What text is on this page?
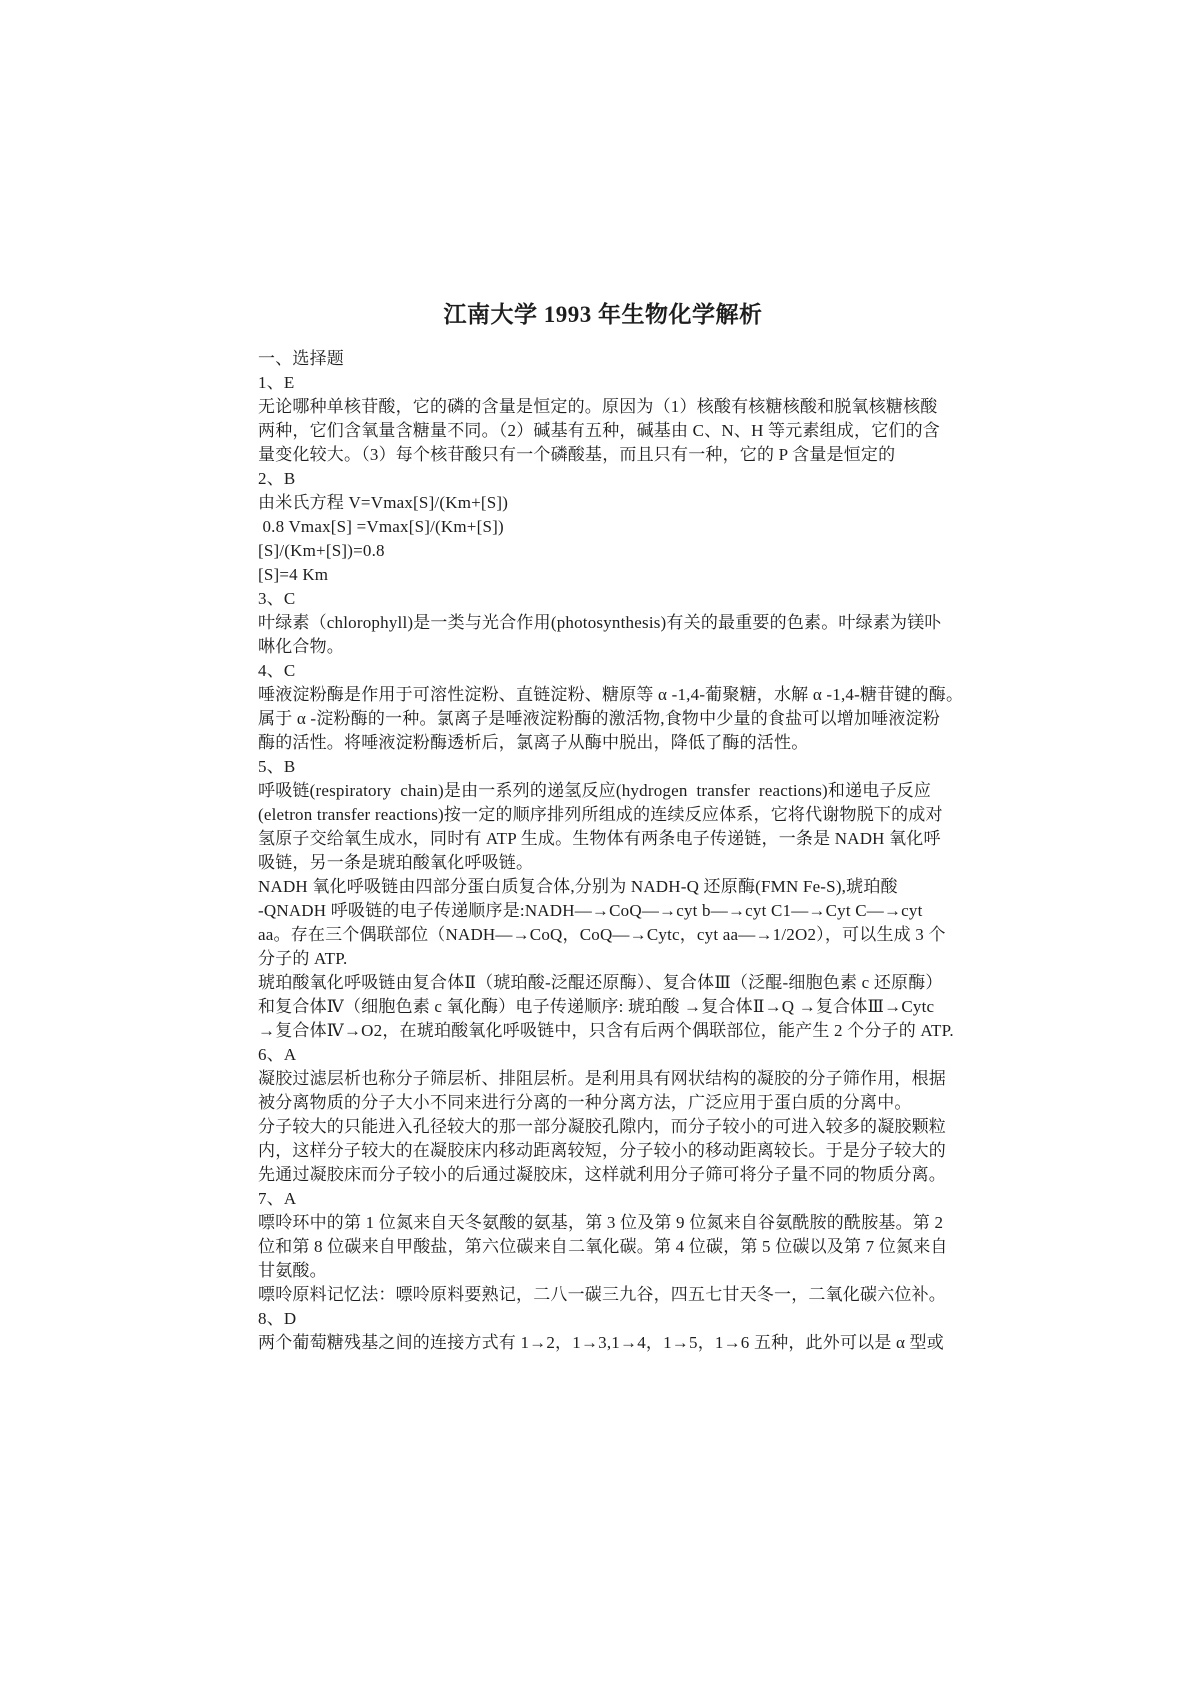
江南大学 1993 年生物化学解析
一、选择题
1、E
无论哪种单核苷酸，它的磷的含量是恒定的。原因为（1）核酸有核糖核酸和脱氧核糖核酸
两种，它们含氧量含糖量不同。（2）碱基有五种，碱基由 C、N、H 等元素组成，它们的含
量变化较大。（3）每个核苷酸只有一个磷酸基，而且只有一种，它的 P 含量是恒定的
2、B
由米氏方程 V=Vmax[S]/(Km+[S])
0.8 Vmax[S] =Vmax[S]/(Km+[S])
[S]/(Km+[S])=0.8
[S]=4 Km
3、C
叶绿素（chlorophyll)是一类与光合作用(photosynthesis)有关的最重要的色素。叶绿素为镁卟
啉化合物。
4、C
唾液淀粉酶是作用于可溶性淀粉、直链淀粉、糖原等 α -1,4-葡聚糖，水解 α -1,4-糖苷键的酶。
属于 α -淀粉酶的一种。氯离子是唾液淀粉酶的激活物,食物中少量的食盐可以增加唾液淀粉
酶的活性。将唾液淀粉酶透析后，氯离子从酶中脱出，降低了酶的活性。
5、B
呼吸链(respiratory  chain)是由一系列的递氢反应(hydrogen  transfer  reactions)和递电子反应
(eletron transfer reactions)按一定的顺序排列所组成的连续反应体系，它将代谢物脱下的成对
氢原子交给氧生成水，同时有 ATP 生成。生物体有两条电子传递链，一条是 NADH 氧化呼
吸链，另一条是琥珀酸氧化呼吸链。
NADH 氧化呼吸链由四部分蛋白质复合体,分别为 NADH-Q 还原酶(FMN Fe-S),琥珀酸
-QNADH 呼吸链的电子传递顺序是:NADH—→CoQ—→cyt b—→cyt C1—→Cyt C—→cyt
aa。存在三个偶联部位（NADH—→CoQ，CoQ—→Cytc，cyt aa—→1/2O2），可以生成 3 个
分子的 ATP.
琥珀酸氧化呼吸链由复合体Ⅱ（琥珀酸-泛醌还原酶）、复合体Ⅲ（泛醌-细胞色素 c 还原酶）
和复合体Ⅳ（细胞色素 c 氧化酶）电子传递顺序: 琥珀酸 →复合体Ⅱ→Q →复合体Ⅲ→Cytc
→复合体Ⅳ→O2，在琥珀酸氧化呼吸链中，只含有后两个偶联部位，能产生 2 个分子的 ATP.
6、A
凝胶过滤层析也称分子筛层析、排阻层析。是利用具有网状结构的凝胶的分子筛作用，根据
被分离物质的分子大小不同来进行分离的一种分离方法，广泛应用于蛋白质的分离中。
分子较大的只能进入孔径较大的那一部分凝胶孔隙内，而分子较小的可进入较多的凝胶颗粒
内，这样分子较大的在凝胶床内移动距离较短，分子较小的移动距离较长。于是分子较大的
先通过凝胶床而分子较小的后通过凝胶床，这样就利用分子筛可将分子量不同的物质分离。
7、A
嘌呤环中的第 1 位氮来自天冬氨酸的氨基，第 3 位及第 9 位氮来自谷氨酰胺的酰胺基。第 2
位和第 8 位碳来自甲酸盐，第六位碳来自二氧化碳。第 4 位碳，第 5 位碳以及第 7 位氮来自
甘氨酸。
嘌呤原料记忆法：嘌呤原料要熟记，二八一碳三九谷，四五七甘天冬一，二氧化碳六位补。
8、D
两个葡萄糖残基之间的连接方式有 1→2，1→3,1→4，1→5，1→6 五种，此外可以是 α 型或
